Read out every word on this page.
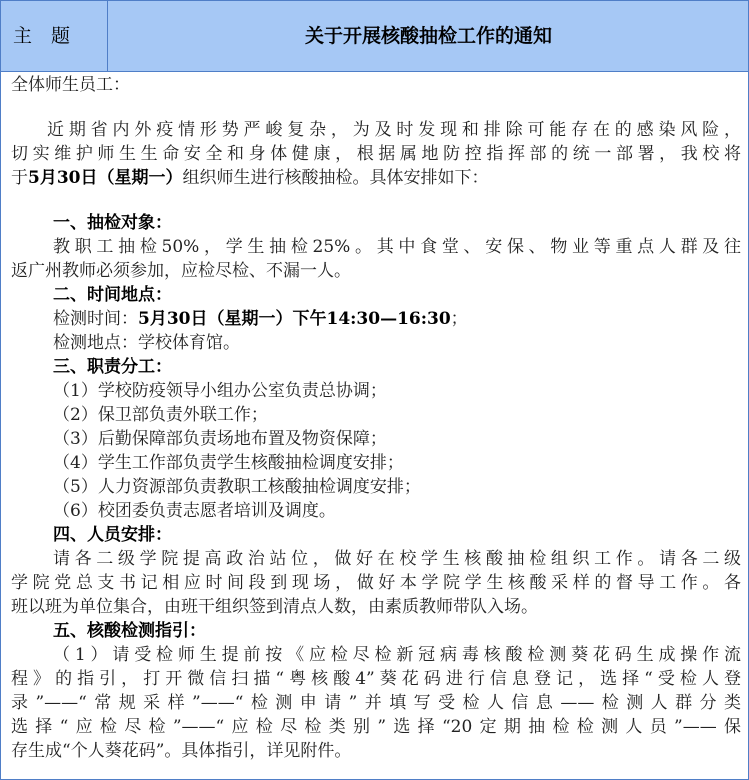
主　题	关于开展核酸抽检工作的通知
全体师生员工：
近期省内外疫情形势严峻复杂，为及时发现和排除可能存在的感染风险，
切实维护师生生命安全和身体健康，根据属地防控指挥部的统一部署，我校将
于5月30日（星期一）组织师生进行核酸抽检。具体安排如下：
一、抽检对象：
教职工抽检50%，学生抽检25%。其中食堂、安保、物业等重点人群及往
返广州教师必须参加，应检尽检、不漏一人。
二、时间地点：
检测时间：5月30日（星期一）下午14:30—16:30；
检测地点：学校体育馆。
三、职责分工：
（1）学校防疫领导小组办公室负责总协调；
（2）保卫部负责外联工作；
（3）后勤保障部负责场地布置及物资保障；
（4）学生工作部负责学生核酸抽检调度安排；
（5）人力资源部负责教职工核酸抽检调度安排；
（6）校团委负责志愿者培训及调度。
四、人员安排：
请各二级学院提高政治站位，做好在校学生核酸抽检组织工作。请各二级
学院党总支书记相应时间段到现场，做好本学院学生核酸采样的督导工作。各
班以班为单位集合，由班干组织签到清点人数，由素质教师带队入场。
五、核酸检测指引：
（1）请受检师生提前按《应检尽检新冠病毒核酸检测葵花码生成操作流
程》的指引，打开微信扫描“粤核酸4”葵花码进行信息登记，选择“受检人登
录”——“常规采样”——“检测申请”并填写受检人信息——检测人群分类
选择“应检尽检”——“应检尽检类别”选择“20定期抽检检测人员”——保
存生成“个人葵花码”。具体指引，详见附件。
